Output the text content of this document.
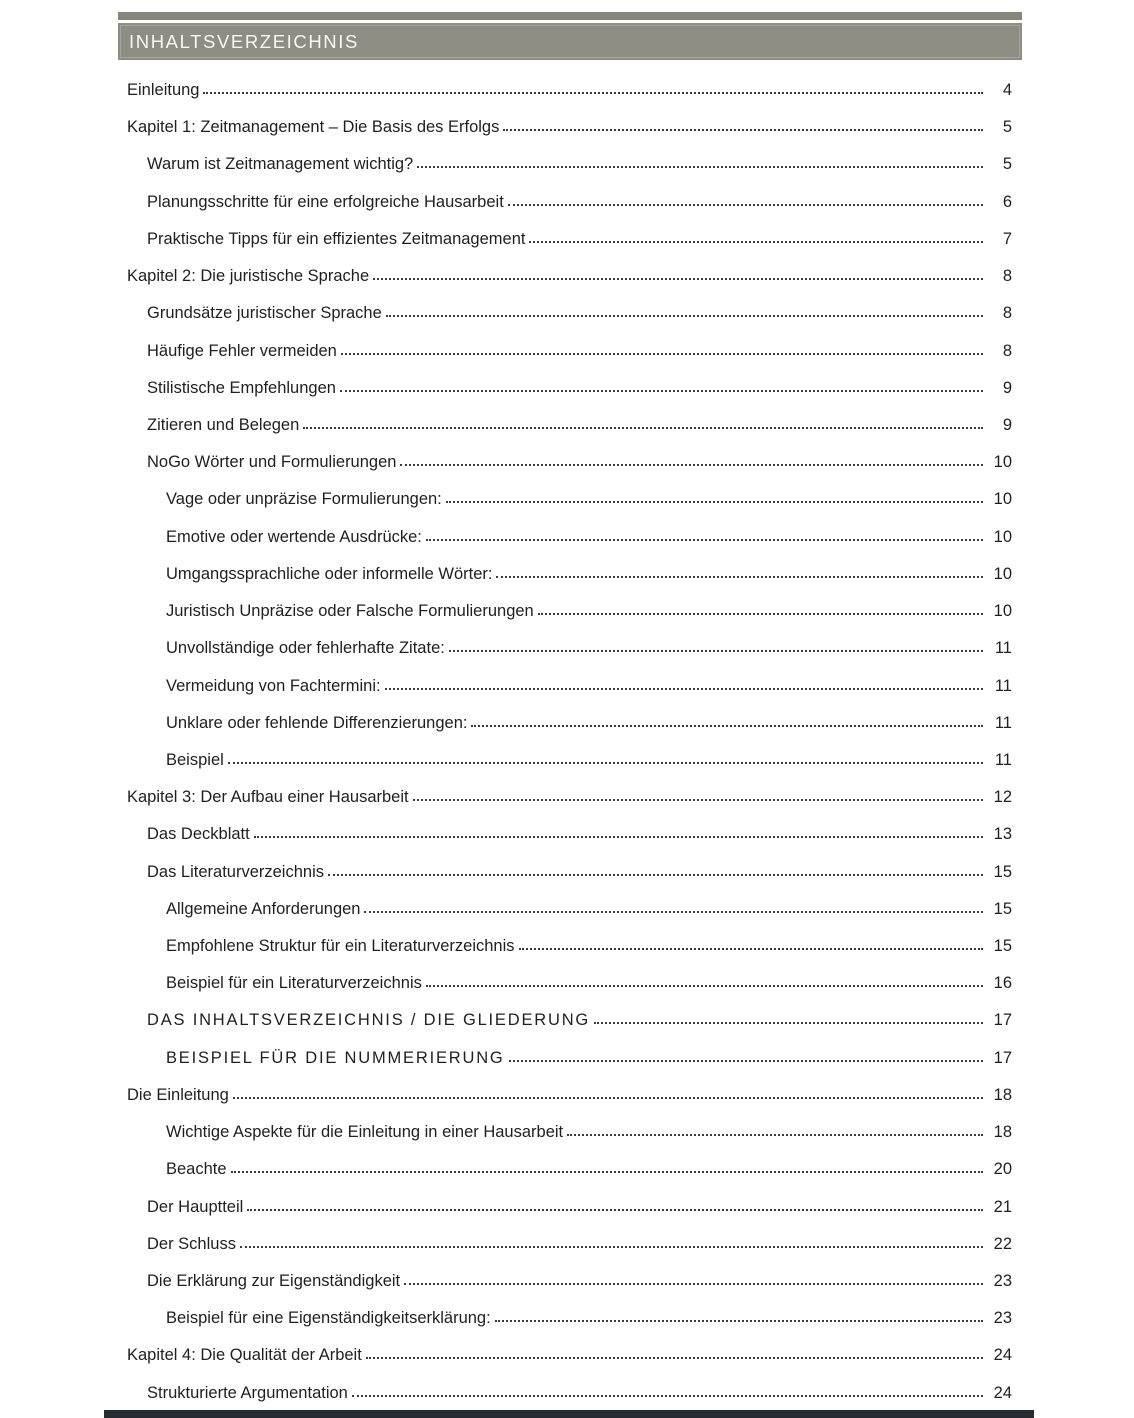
INHALTSVERZEICHNIS
Einleitung	4
Kapitel 1: Zeitmanagement – Die Basis des Erfolgs	5
Warum ist Zeitmanagement wichtig?	5
Planungsschritte für eine erfolgreiche Hausarbeit	6
Praktische Tipps für ein effizientes Zeitmanagement	7
Kapitel 2: Die juristische Sprache	8
Grundsätze juristischer Sprache	8
Häufige Fehler vermeiden	8
Stilistische Empfehlungen	9
Zitieren und Belegen	9
NoGo Wörter und Formulierungen	10
Vage oder unpräzise Formulierungen:	10
Emotive oder wertende Ausdrücke:	10
Umgangssprachliche oder informelle Wörter:	10
Juristisch Unpräzise oder Falsche Formulierungen	10
Unvollständige oder fehlerhafte Zitate:	11
Vermeidung von Fachtermini:	11
Unklare oder fehlende Differenzierungen:	11
Beispiel	11
Kapitel 3: Der Aufbau einer Hausarbeit	12
Das Deckblatt	13
Das Literaturverzeichnis	15
Allgemeine Anforderungen	15
Empfohlene Struktur für ein Literaturverzeichnis	15
Beispiel für ein Literaturverzeichnis	16
DAS INHALTSVERZEICHNIS / DIE GLIEDERUNG	17
BEISPIEL FÜR DIE NUMMERIERUNG	17
Die Einleitung	18
Wichtige Aspekte für die Einleitung in einer Hausarbeit	18
Beachte	20
Der Hauptteil	21
Der Schluss	22
Die Erklärung zur Eigenständigkeit	23
Beispiel für eine Eigenständigkeitserklärung:	23
Kapitel 4: Die Qualität der Arbeit	24
Strukturierte Argumentation	24
